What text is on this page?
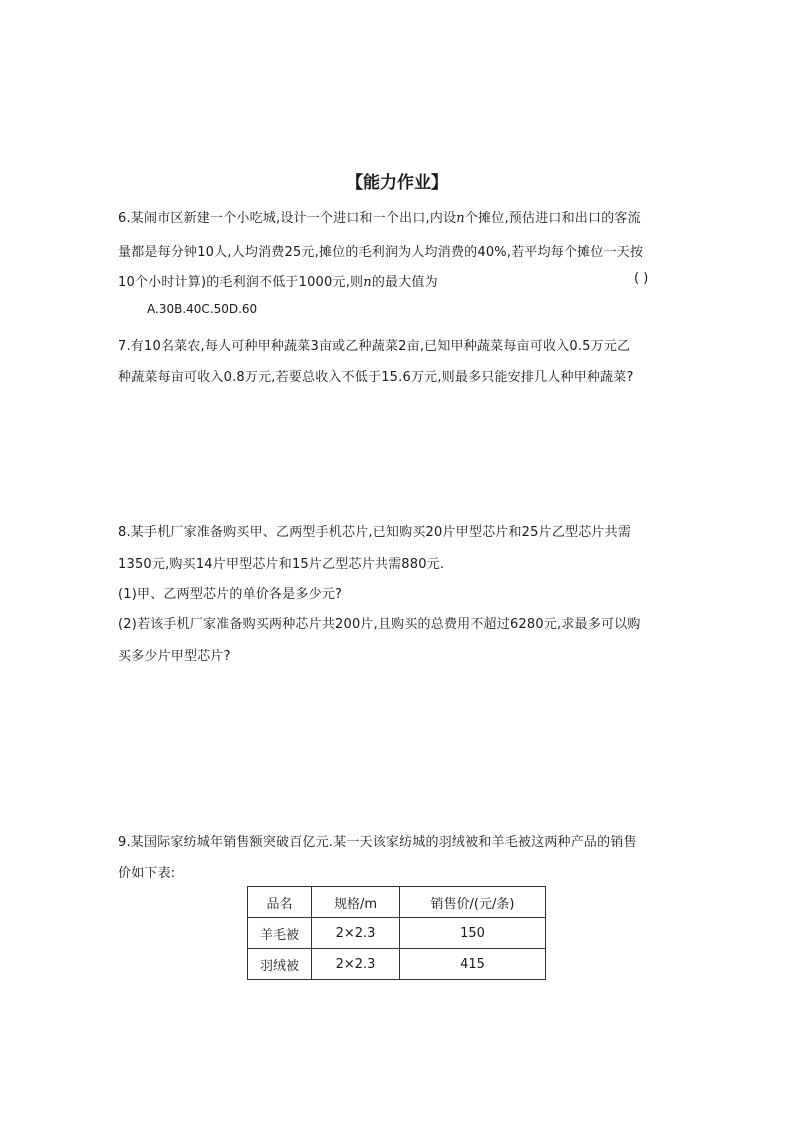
【能力作业】
6.某闹市区新建一个小吃城,设计一个进口和一个出口,内设n个摊位,预估进口和出口的客流
量都是每分钟10人,人均消费25元,摊位的毛利润为人均消费的40%,若平均每个摊位一天按
10个小时计算)的毛利润不低于1000元,则n的最大值为	( )
A.30B.40C.50D.60
7.有10名菜农,每人可种甲种蔬菜3亩或乙种蔬菜2亩,已知甲种蔬菜每亩可收入0.5万元乙
种蔬菜每亩可收入0.8万元,若要总收入不低于15.6万元,则最多只能安排几人种甲种蔬菜?
8.某手机厂家准备购买甲、乙两型手机芯片,已知购买20片甲型芯片和25片乙型芯片共需
1350元,购买14片甲型芯片和15片乙型芯片共需880元.
(1)甲、乙两型芯片的单价各是多少元?
(2)若该手机厂家准备购买两种芯片共200片,且购买的总费用不超过6280元,求最多可以购
买多少片甲型芯片?
9.某国际家纺城年销售额突破百亿元.某一天该家纺城的羽绒被和羊毛被这两种产品的销售
价如下表:
品名	规格/m	销售价/(元/条)
羊毛被	2×2.3	150
羽绒被	2×2.3	415
